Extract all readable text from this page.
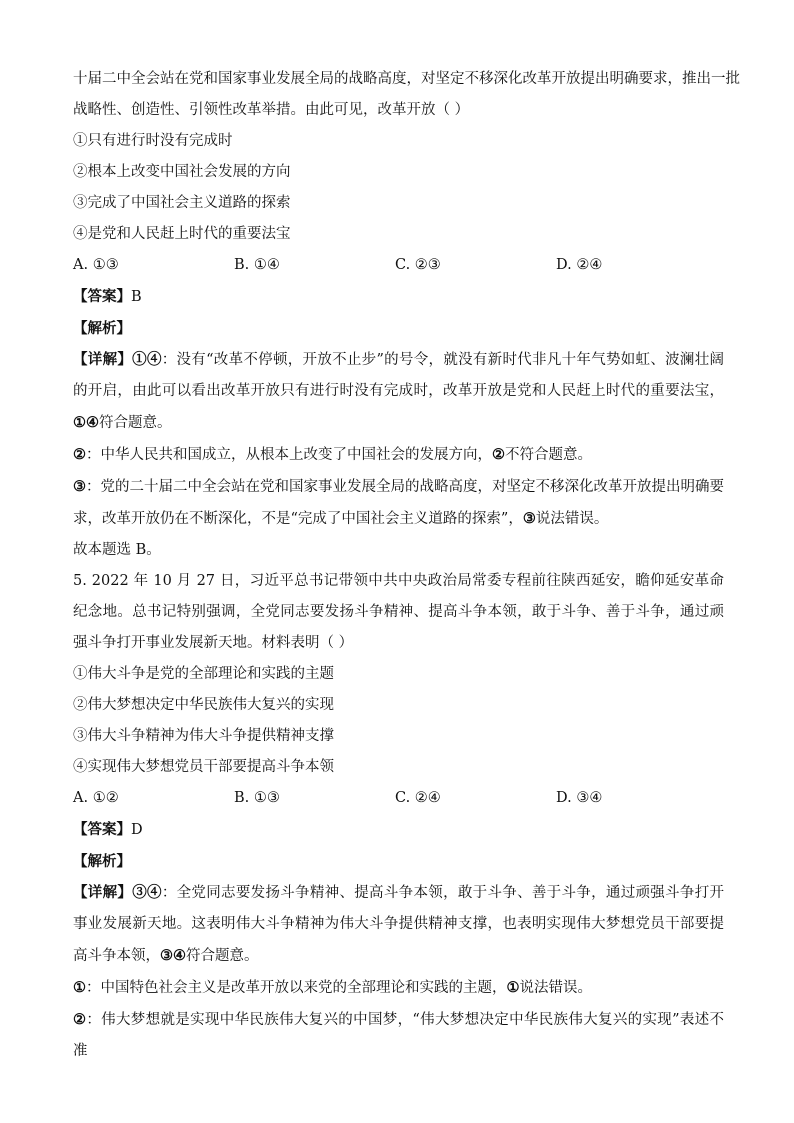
十届二中全会站在党和国家事业发展全局的战略高度，对坚定不移深化改革开放提出明确要求，推出一批
战略性、创造性、引领性改革举措。由此可见，改革开放（ ）
①只有进行时没有完成时
②根本上改变中国社会发展的方向
③完成了中国社会主义道路的探索
④是党和人民赶上时代的重要法宝
A. ①③	B. ①④	C. ②③	D. ②④
【答案】B
【解析】
【详解】①④：没有“改革不停顿，开放不止步”的号令，就没有新时代非凡十年气势如虹、波澜壮阔的开启，由此可以看出改革开放只有进行时没有完成时，改革开放是党和人民赶上时代的重要法宝，①④符合题意。
②：中华人民共和国成立，从根本上改变了中国社会的发展方向，②不符合题意。
③：党的二十届二中全会站在党和国家事业发展全局的战略高度，对坚定不移深化改革开放提出明确要求，改革开放仍在不断深化，不是“完成了中国社会主义道路的探索”，③说法错误。
故本题选 B。
5. 2022 年 10 月 27 日，习近平总书记带领中共中央政治局常委专程前往陕西延安，瞻仰延安革命纪念地。总书记特别强调，全党同志要发扬斗争精神、提高斗争本领，敢于斗争、善于斗争，通过顽强斗争打开事业发展新天地。材料表明（ ）
①伟大斗争是党的全部理论和实践的主题
②伟大梦想决定中华民族伟大复兴的实现
③伟大斗争精神为伟大斗争提供精神支撑
④实现伟大梦想党员干部要提高斗争本领
A. ①②	B. ①③	C. ②④	D. ③④
【答案】D
【解析】
【详解】③④：全党同志要发扬斗争精神、提高斗争本领，敢于斗争、善于斗争，通过顽强斗争打开事业发展新天地。这表明伟大斗争精神为伟大斗争提供精神支撑，也表明实现伟大梦想党员干部要提高斗争本领，③④符合题意。
①：中国特色社会主义是改革开放以来党的全部理论和实践的主题，①说法错误。
②：伟大梦想就是实现中华民族伟大复兴的中国梦，“伟大梦想决定中华民族伟大复兴的实现”表述不准
